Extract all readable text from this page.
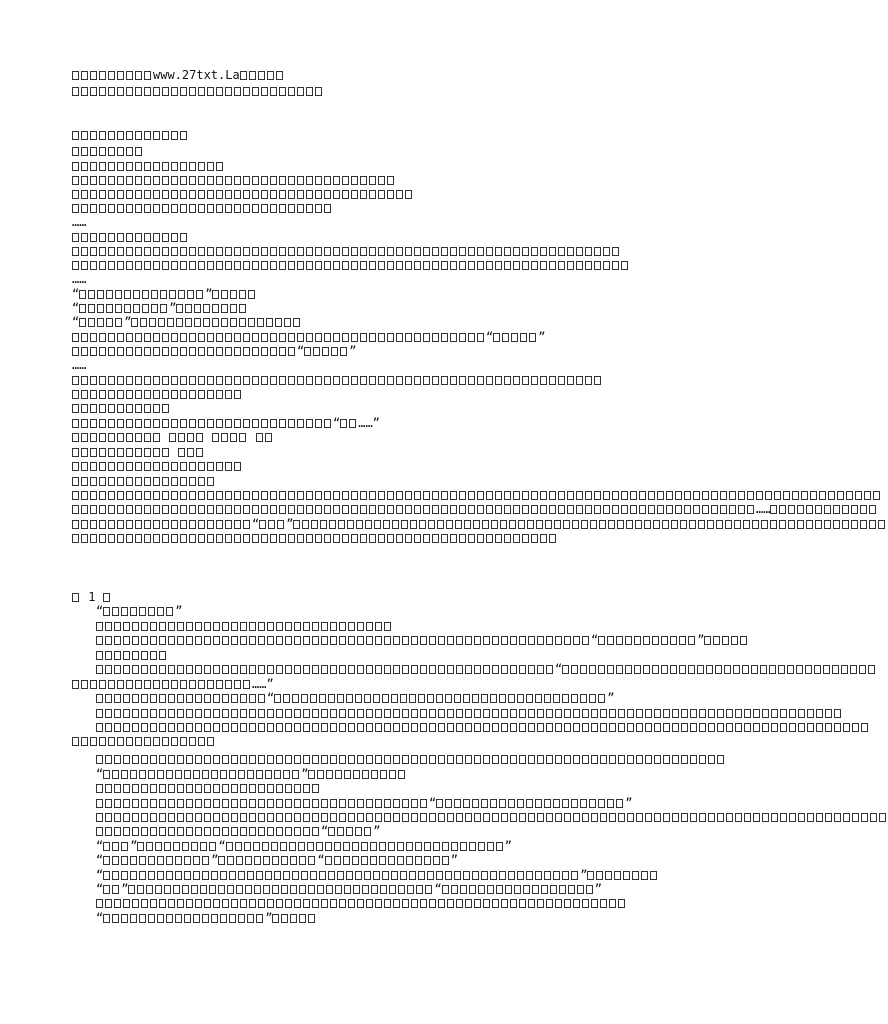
www.27txt.La
……
……
“	”
“	”
“	”
“	”
“	”
……
“ ……”

……
“ ”
1
“	”
“	”
“
……”
“	”
“	”
“	”
“	”
“ ”	“	”
“	”	“	”
“	”
“ ”	“	”
“	”
